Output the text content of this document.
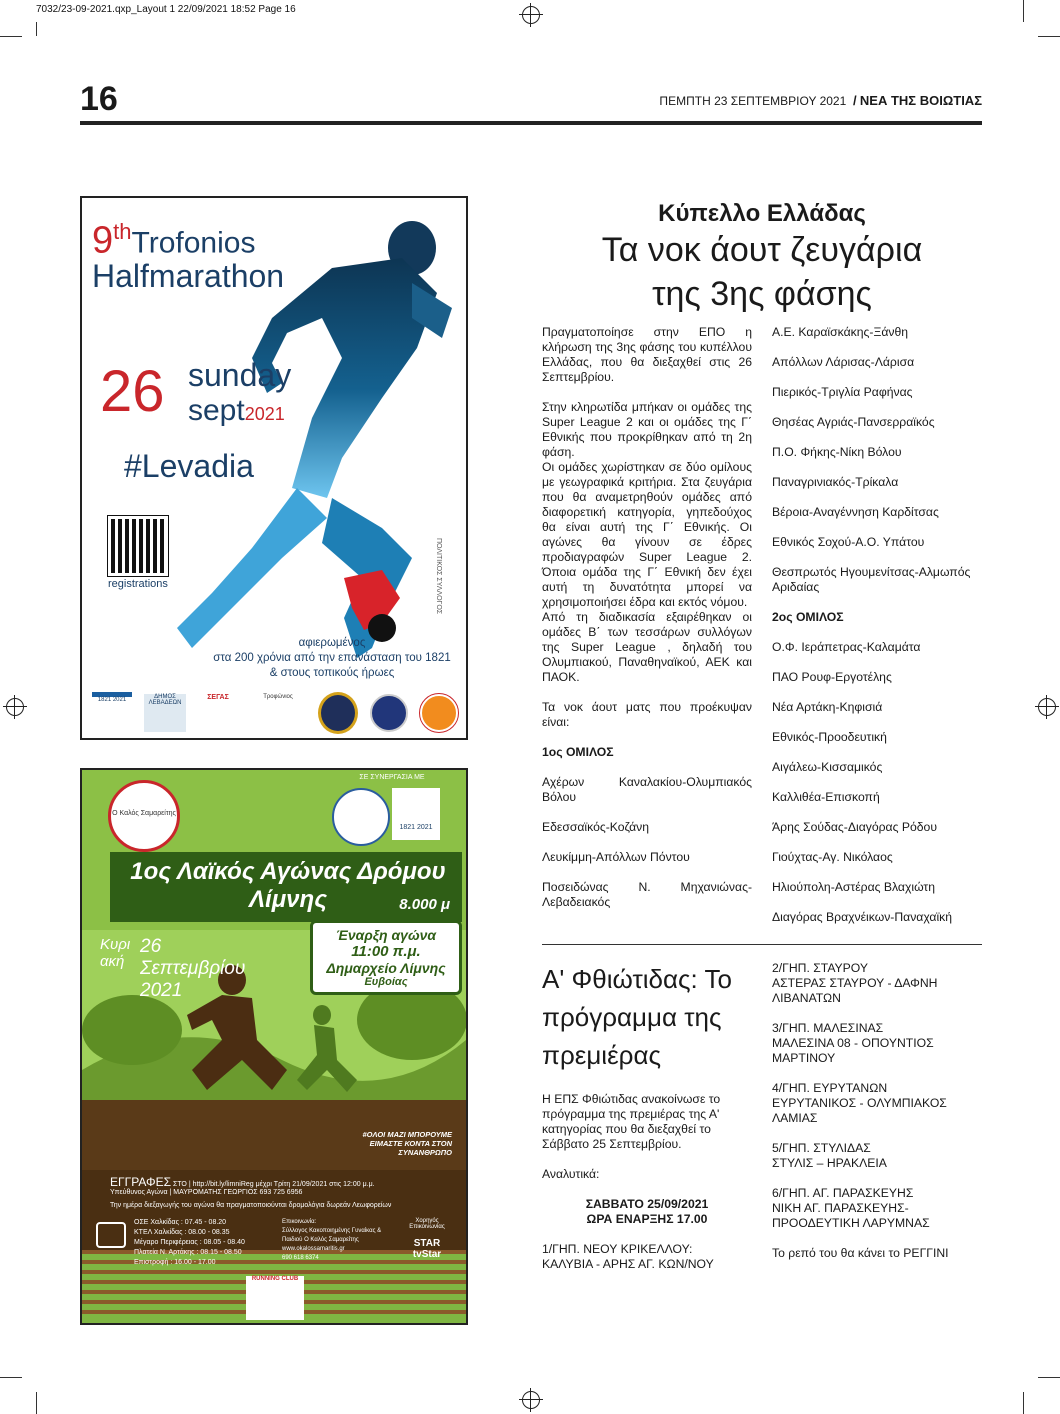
7032/23-09-2021.qxp_Layout 1 22/09/2021 18:52 Page 16
16	ΠΕΜΠΤΗ 23 ΣΕΠΤΕΜΒΡΙΟΥ 2021 / ΝΕΑ ΤΗΣ ΒΟΙΩΤΙΑΣ
9thTrofonios
Halfmarathon
26 sunday
sept2021
#Levadia
registrations	ΠΟΛΙΤΙΚΟΣ ΣΥΛΛΟΓΟΣ
αφιερωμένος
στα 200 χρόνια από την επανάσταση του 1821
& στους τοπικούς ήρωες
1821 2021	ΔΗΜΟΣ ΛΕΒΑΔΕΩΝ
ΣΕΓΑΣ	Τροφώνιος
Ο Καλός Σαμαρείτης
ΣΕ ΣΥΝΕΡΓΑΣΙΑ ΜΕ
1821 2021
1ος Λαϊκός Αγώνας Δρόμου Λίμνης	8.000 μ
Κυριακή
26 Σεπτεμβρίου 2021
Έναρξη αγώνα
11:00 π.μ.
Δημαρχείο Λίμνης
Ευβοίας
#ΟΛΟΙ ΜΑΖΙ ΜΠΟΡΟΥΜΕ
ΕΙΜΑΣΤΕ ΚΟΝΤΑ ΣΤΟΝ ΣΥΝΑΝΘΡΩΠΟ
ΕΓΓΡΑΦΕΣ ΣΤΟ | http://bit.ly/limniReg μέχρι Τρίτη 21/09/2021 στις 12:00 μ.μ.
Υπεύθυνος Αγώνα | ΜΑΥΡΟΜΑΤΗΣ ΓΕΩΡΓΙΟΣ 693 725 6956
Την ημέρα διεξαγωγής του αγώνα θα πραγματοποιούνται δρομολόγια δωρεάν Λεωφορείων
ΟΣΕ Χαλκίδας : 07.45 - 08.20
ΚΤΕΛ Χαλκίδας : 08.00 - 08.35
Μέγαρο Περιφέρειας : 08.05 - 08.40
Πλατεία Ν. Αρτάκης : 08.15 - 08.50
Επιστροφή : 16.00 - 17.00
Επικοινωνία:
Σύλλογος Κακοποιημένης Γυναίκας & Παιδιού Ο Καλός Σαμαρείτης
www.okalossamaritis.gr
690 618 6374
Χορηγός Επικοινωνίας
STAR
tvStar
RUNNING CLUB
Κύπελλο Ελλάδας
Τα νοκ άουτ ζευγάρια
της 3ης φάσης

Πραγματοποίησε στην ΕΠΟ η κλήρωση της 3ης φάσης του κυπέλλου Ελλάδας, που θα διεξαχθεί στις 26 Σεπτεμβρίου.

Στην κληρωτίδα μπήκαν οι ομάδες της Super League 2 και οι ομάδες της Γ΄ Εθνικής που προκρίθηκαν από τη 2η φάση.
Οι ομάδες χωρίστηκαν σε δύο ομίλους με γεωγραφικά κριτήρια. Στα ζευγάρια που θα αναμετρηθούν ομάδες από διαφορετική κατηγορία, γηπεδούχος θα είναι αυτή της Γ΄ Εθνικής. Οι αγώνες θα γίνουν σε έδρες προδιαγραφών Super League 2. Όποια ομάδα της Γ΄ Εθνική δεν έχει αυτή τη δυνατότητα μπορεί να χρησιμοποιήσει έδρα και εκτός νόμου.
Από τη διαδικασία εξαιρέθηκαν οι ομάδες Β΄ των τεσσάρων συλλόγων της Super League , δηλαδή του Ολυμπιακού, Παναθηναϊκού, ΑΕΚ και ΠΑΟΚ.

Τα νοκ άουτ ματς που προέκυψαν είναι:

1ος ΟΜΙΛΟΣ

Αχέρων Καναλακίου-Ολυμπιακός Βόλου

Εδεσσαϊκός-Κοζάνη

Λευκίμμη-Απόλλων Πόντου

Ποσειδώνας Ν. Μηχανιώνας-Λεβαδειακός

Α.Ε. Καραϊσκάκης-Ξάνθη

Απόλλων Λάρισας-Λάρισα

Πιερικός-Τριγλία Ραφήνας

Θησέας Αγριάς-Πανσερραϊκός

Π.Ο. Φήκης-Νίκη Βόλου

Παναγρινιακός-Τρίκαλα

Βέροια-Αναγέννηση Καρδίτσας

Εθνικός Σοχού-Α.Ο. Υπάτου

Θεσπρωτός Ηγουμενίτσας-Αλμωπός Αριδαίας

2ος ΟΜΙΛΟΣ

Ο.Φ. Ιεράπετρας-Καλαμάτα

ΠΑΟ Ρουφ-Εργοτέλης

Νέα Αρτάκη-Κηφισιά

Εθνικός-Προοδευτική

Αιγάλεω-Κισσαμικός

Καλλιθέα-Επισκοπή

Άρης Σούδας-Διαγόρας Ρόδου

Γιούχτας-Αγ. Νικόλαος

Ηλιούπολη-Αστέρας Βλαχιώτη

Διαγόρας Βραχνέικων-Παναχαϊκή

Α' Φθιώτιδας: Το πρόγραμμα της πρεμιέρας

Η ΕΠΣ Φθιώτιδας ανακοίνωσε το πρόγραμμα της πρεμιέρας της Α' κατηγορίας που θα διεξαχθεί το Σάββατο 25 Σεπτεμβρίου.

Αναλυτικά:

ΣΑΒΒΑΤΟ 25/09/2021
ΩΡΑ ΕΝΑΡΞΗΣ 17.00

1/ΓΗΠ. ΝΕΟΥ ΚΡΙΚΕΛΛΟΥ:
ΚΑΛΥΒΙΑ - ΑΡΗΣ ΑΓ. ΚΩΝ/ΝΟΥ

2/ΓΗΠ. ΣΤΑΥΡΟΥ
ΑΣΤΕΡΑΣ ΣΤΑΥΡΟΥ - ΔΑΦΝΗ ΛΙΒΑΝΑΤΩΝ

3/ΓΗΠ. ΜΑΛΕΣΙΝΑΣ
ΜΑΛΕΣΙΝΑ 08 - ΟΠΟΥΝΤΙΟΣ ΜΑΡΤΙΝΟΥ

4/ΓΗΠ. ΕΥΡΥΤΑΝΩΝ
ΕΥΡΥΤΑΝΙΚΟΣ - ΟΛΥΜΠΙΑΚΟΣ ΛΑΜΙΑΣ

5/ΓΗΠ. ΣΤΥΛΙΔΑΣ
ΣΤΥΛΙΣ – ΗΡΑΚΛΕΙΑ

6/ΓΗΠ. ΑΓ. ΠΑΡΑΣΚΕΥΗΣ
ΝΙΚΗ ΑΓ. ΠΑΡΑΣΚΕΥΗΣ-ΠΡΟΟΔΕΥΤΙΚΗ ΛΑΡΥΜΝΑΣ

Το ρεπό του θα κάνει το ΡΕΓΓΙΝΙ
